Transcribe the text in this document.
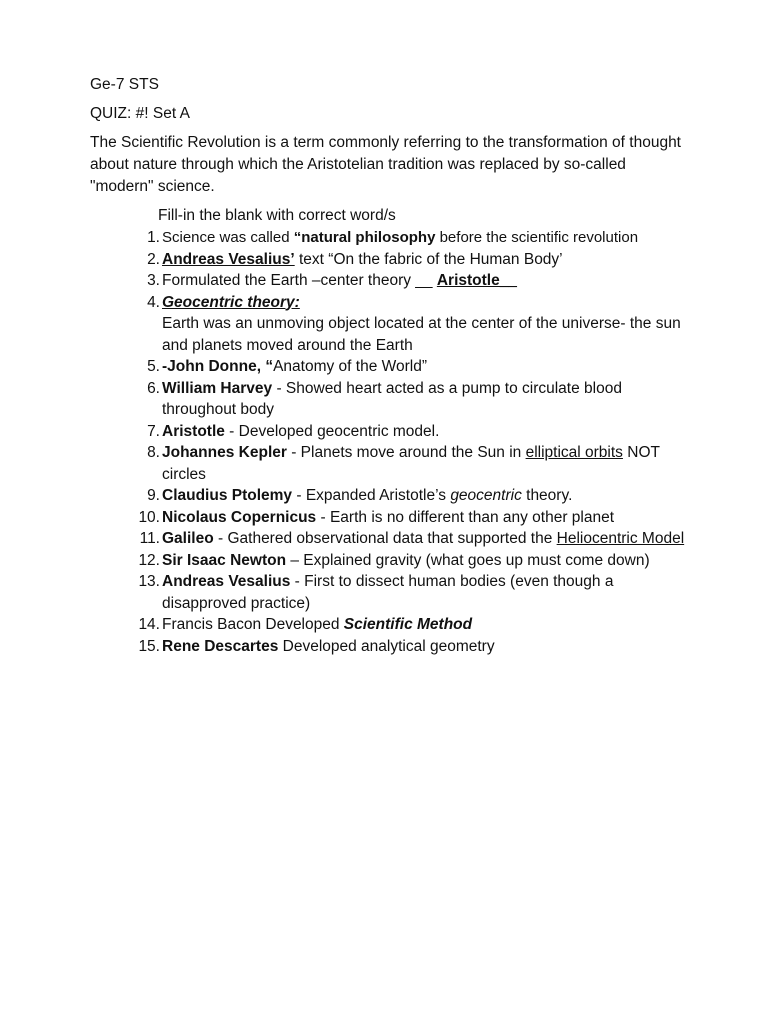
Ge-7 STS
QUIZ: #! Set A
The Scientific Revolution is a term commonly referring to the transformation of thought about nature through which the Aristotelian tradition was replaced by so-called "modern" science.
Fill-in the blank with correct word/s
1. Science was called “natural philosophy before the scientific revolution
2. Andreas Vesalius’ text “On the fabric of the Human Body’
3. Formulated the Earth –center theory __ Aristotle__
4. Geocentric theory:
Earth was an unmoving object located at the center of the universe- the sun and planets moved around the Earth
5. -John Donne, “Anatomy of the World”
6. William Harvey - Showed heart acted as a pump to circulate blood throughout body
7. Aristotle - Developed geocentric model.
8. Johannes Kepler - Planets move around the Sun in elliptical orbits NOT circles
9. Claudius Ptolemy - Expanded Aristotle’s geocentric theory.
10. Nicolaus Copernicus - Earth is no different than any other planet
11. Galileo - Gathered observational data that supported the Heliocentric Model
12. Sir Isaac Newton – Explained gravity (what goes up must come down)
13. Andreas Vesalius - First to dissect human bodies (even though a disapproved practice)
14. Francis Bacon Developed Scientific Method
15. Rene Descartes Developed analytical geometry
